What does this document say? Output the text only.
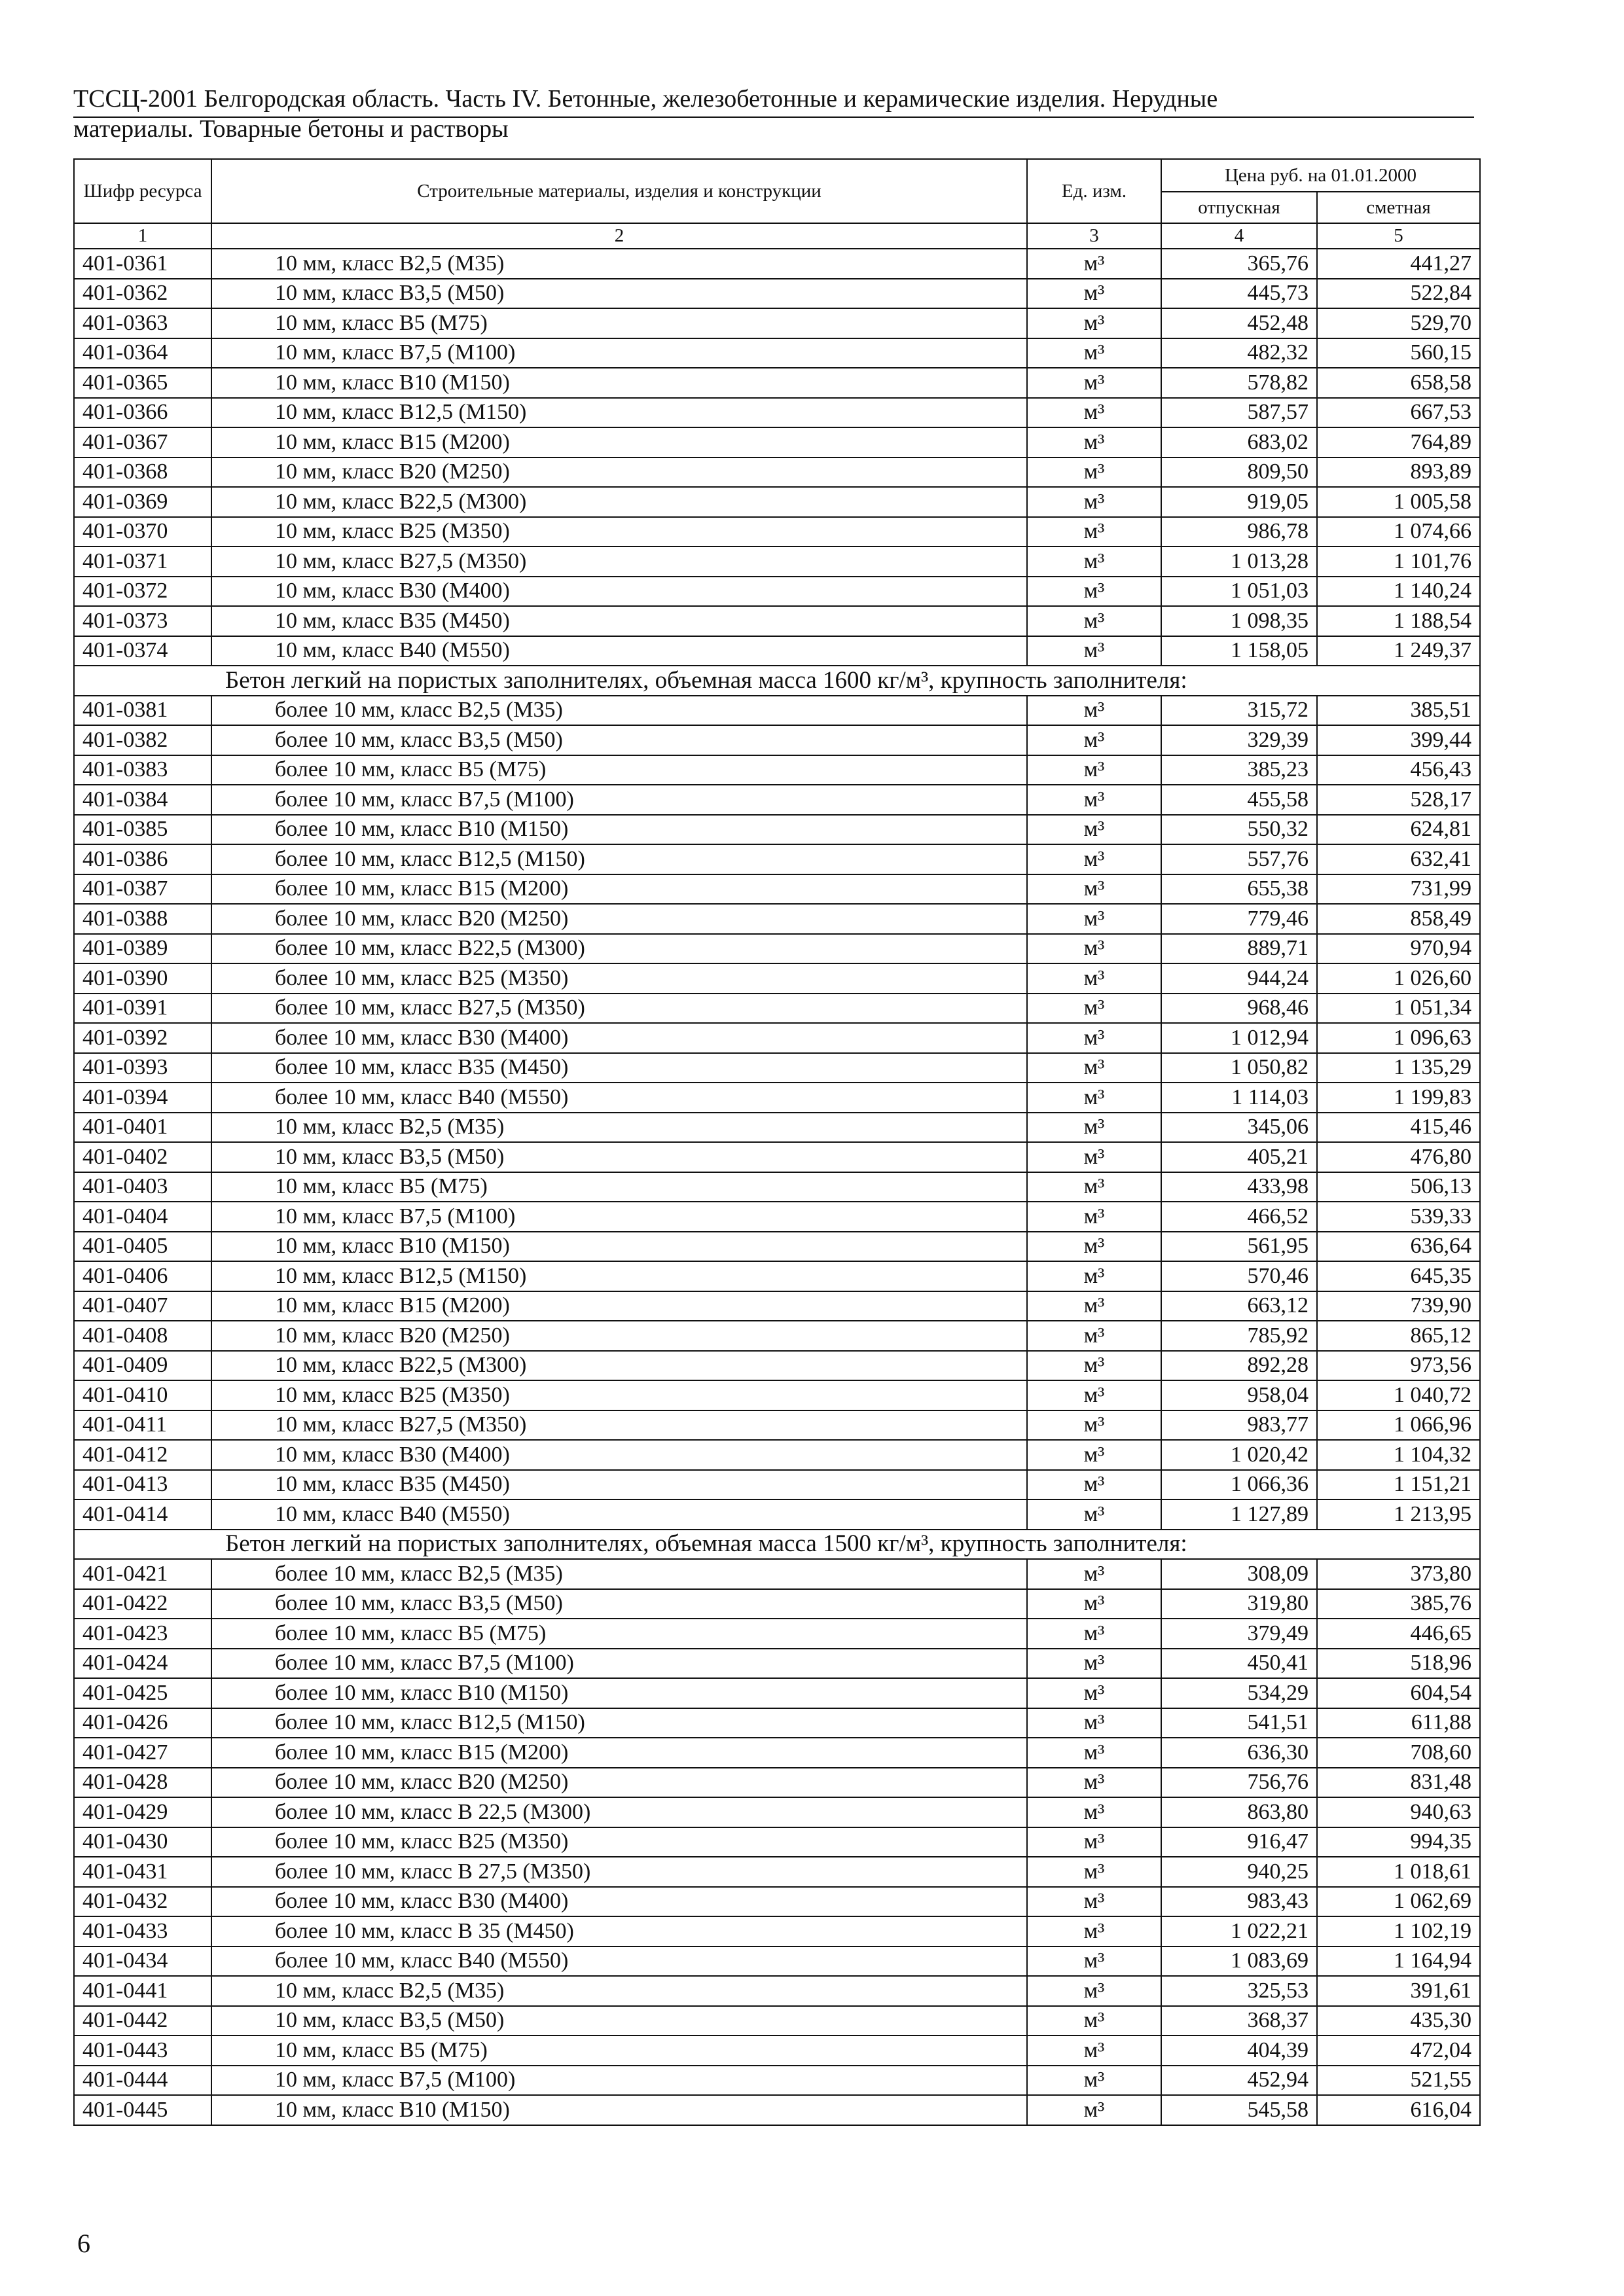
ТССЦ-2001 Белгородская область. Часть IV. Бетонные, железобетонные и керамические изделия. Нерудные
материалы. Товарные бетоны и растворы
Шифр ресурса	Строительные материалы, изделия и конструкции	Ед. изм.	Цена руб. на 01.01.2000	
			отпускная	сметная
1	2	3	4	5
401-0361	10 мм, класс В2,5 (М35)	м³	365,76	441,27
401-0362	10 мм, класс В3,5 (М50)	м³	445,73	522,84
401-0363	10 мм, класс В5 (М75)	м³	452,48	529,70
401-0364	10 мм, класс В7,5 (М100)	м³	482,32	560,15
401-0365	10 мм, класс В10 (М150)	м³	578,82	658,58
401-0366	10 мм, класс В12,5 (М150)	м³	587,57	667,53
401-0367	10 мм, класс В15 (М200)	м³	683,02	764,89
401-0368	10 мм, класс В20 (М250)	м³	809,50	893,89
401-0369	10 мм, класс В22,5 (М300)	м³	919,05	1 005,58
401-0370	10 мм, класс В25 (М350)	м³	986,78	1 074,66
401-0371	10 мм, класс В27,5 (М350)	м³	1 013,28	1 101,76
401-0372	10 мм, класс В30 (М400)	м³	1 051,03	1 140,24
401-0373	10 мм, класс В35 (М450)	м³	1 098,35	1 188,54
401-0374	10 мм, класс В40 (М550)	м³	1 158,05	1 249,37
Бетон легкий на пористых заполнителях, объемная масса 1600 кг/м³, крупность заполнителя:				
401-0381	более 10 мм, класс В2,5 (М35)	м³	315,72	385,51
401-0382	более 10 мм, класс В3,5 (М50)	м³	329,39	399,44
401-0383	более 10 мм, класс В5 (М75)	м³	385,23	456,43
401-0384	более 10 мм, класс В7,5 (М100)	м³	455,58	528,17
401-0385	более 10 мм, класс В10 (М150)	м³	550,32	624,81
401-0386	более 10 мм, класс В12,5 (М150)	м³	557,76	632,41
401-0387	более 10 мм, класс В15 (М200)	м³	655,38	731,99
401-0388	более 10 мм, класс В20 (М250)	м³	779,46	858,49
401-0389	более 10 мм, класс В22,5 (М300)	м³	889,71	970,94
401-0390	более 10 мм, класс В25 (М350)	м³	944,24	1 026,60
401-0391	более 10 мм, класс В27,5 (М350)	м³	968,46	1 051,34
401-0392	более 10 мм, класс В30 (М400)	м³	1 012,94	1 096,63
401-0393	более 10 мм, класс В35 (М450)	м³	1 050,82	1 135,29
401-0394	более 10 мм, класс В40 (М550)	м³	1 114,03	1 199,83
401-0401	10 мм, класс В2,5 (М35)	м³	345,06	415,46
401-0402	10 мм, класс В3,5 (М50)	м³	405,21	476,80
401-0403	10 мм, класс В5 (М75)	м³	433,98	506,13
401-0404	10 мм, класс В7,5 (М100)	м³	466,52	539,33
401-0405	10 мм, класс В10 (М150)	м³	561,95	636,64
401-0406	10 мм, класс В12,5 (М150)	м³	570,46	645,35
401-0407	10 мм, класс В15 (М200)	м³	663,12	739,90
401-0408	10 мм, класс В20 (М250)	м³	785,92	865,12
401-0409	10 мм, класс В22,5 (М300)	м³	892,28	973,56
401-0410	10 мм, класс В25 (М350)	м³	958,04	1 040,72
401-0411	10 мм, класс В27,5 (М350)	м³	983,77	1 066,96
401-0412	10 мм, класс В30 (М400)	м³	1 020,42	1 104,32
401-0413	10 мм, класс В35 (М450)	м³	1 066,36	1 151,21
401-0414	10 мм, класс В40 (М550)	м³	1 127,89	1 213,95
Бетон легкий на пористых заполнителях, объемная масса 1500 кг/м³, крупность заполнителя:				
401-0421	более 10 мм, класс В2,5 (М35)	м³	308,09	373,80
401-0422	более 10 мм, класс В3,5 (М50)	м³	319,80	385,76
401-0423	более 10 мм, класс В5 (М75)	м³	379,49	446,65
401-0424	более 10 мм, класс В7,5 (М100)	м³	450,41	518,96
401-0425	более 10 мм, класс В10 (М150)	м³	534,29	604,54
401-0426	более 10 мм, класс В12,5 (М150)	м³	541,51	611,88
401-0427	более 10 мм, класс В15 (М200)	м³	636,30	708,60
401-0428	более 10 мм, класс В20 (М250)	м³	756,76	831,48
401-0429	более 10 мм, класс В 22,5 (М300)	м³	863,80	940,63
401-0430	более 10 мм, класс В25 (М350)	м³	916,47	994,35
401-0431	более 10 мм, класс В 27,5 (М350)	м³	940,25	1 018,61
401-0432	более 10 мм, класс В30 (М400)	м³	983,43	1 062,69
401-0433	более 10 мм, класс В 35 (М450)	м³	1 022,21	1 102,19
401-0434	более 10 мм, класс В40 (М550)	м³	1 083,69	1 164,94
401-0441	10 мм, класс В2,5 (М35)	м³	325,53	391,61
401-0442	10 мм, класс В3,5 (М50)	м³	368,37	435,30
401-0443	10 мм, класс В5 (М75)	м³	404,39	472,04
401-0444	10 мм, класс В7,5 (М100)	м³	452,94	521,55
401-0445	10 мм, класс В10 (М150)	м³	545,58	616,04
6
